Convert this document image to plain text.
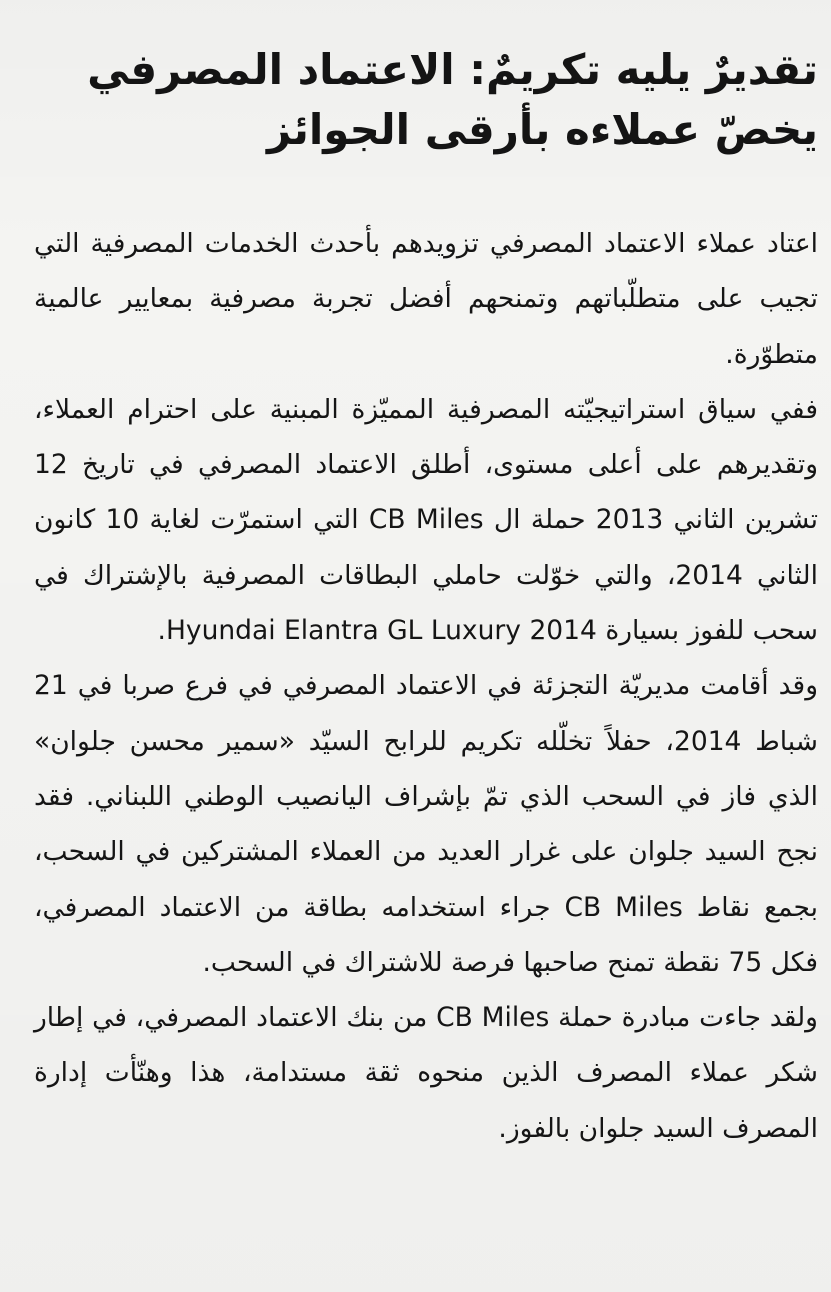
تقديرٌ يليه تكريمٌ: الاعتماد المصرفي
يخصّ عملاءه بأرقى الجوائز

اعتاد عملاء الاعتماد المصرفي تزويدهم بأحدث الخدمات المصرفية التي تجيب على متطلّباتهم وتمنحهم أفضل تجربة مصرفية بمعايير عالمية متطوّرة.

ففي سياق استراتيجيّته المصرفية المميّزة المبنية على احترام العملاء، وتقديرهم على أعلى مستوى، أطلق الاعتماد المصرفي في تاريخ 12 تشرين الثاني 2013 حملة ال CB Miles التي استمرّت لغاية 10 كانون الثاني 2014، والتي خوّلت حاملي البطاقات المصرفية بالإشتراك في سحب للفوز بسيارة 2014 Hyundai Elantra GL Luxury.

وقد أقامت مديريّة التجزئة في الاعتماد المصرفي في فرع صربا في 21 شباط 2014، حفلاً تخلّله تكريم للرابح السيّد «سمير محسن جلوان» الذي فاز في السحب الذي تمّ بإشراف اليانصيب الوطني اللبناني. فقد نجح السيد جلوان على غرار العديد من العملاء المشتركين في السحب، بجمع نقاط CB Miles جراء استخدامه بطاقة من الاعتماد المصرفي، فكل 75 نقطة تمنح صاحبها فرصة للاشتراك في السحب.

ولقد جاءت مبادرة حملة CB Miles من بنك الاعتماد المصرفي، في إطار شكر عملاء المصرف الذين منحوه ثقة مستدامة، هذا وهنّأت إدارة المصرف السيد جلوان بالفوز.
